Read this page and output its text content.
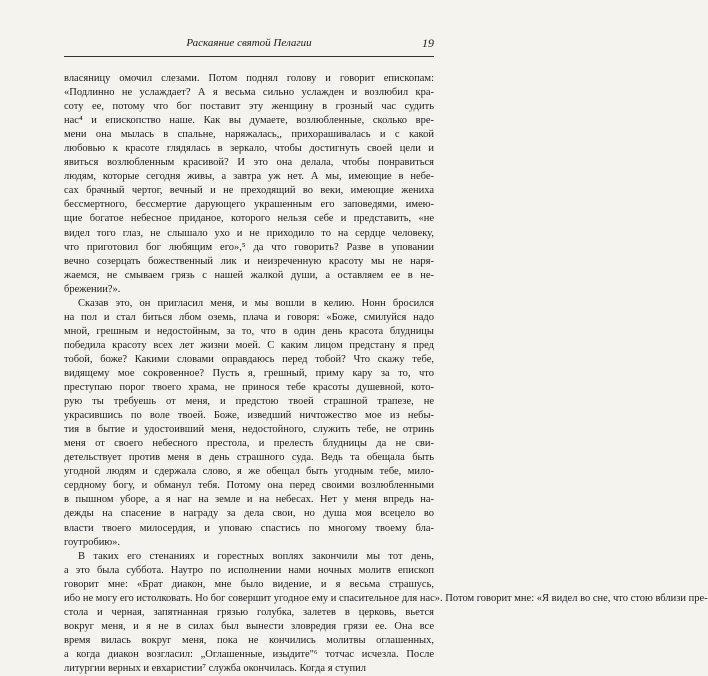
Раскаяние святой Пелагии	19
власяницу омочил слезами. Потом поднял голову и говорит епископам:
«Подлинно не услаждает? А я весьма сильно услажден и возлюбил кра-
соту ее, потому что бог поставит эту женщину в грозный час судить
нас⁴ и епископство наше. Как вы думаете, возлюбленные, сколько вре-
мени она мылась в спальне, наряжалась,, прихорашивалась и с какой
любовью к красоте глядялась в зеркало, чтобы достигнуть своей цели и
явиться возлюбленным красивой? И это она делала, чтобы понравиться
людям, которые сегодня живы, а завтра уж нет. А мы, имеющие в небе-
сах брачный чертог, вечный и не преходящий во веки, имеющие жениха
бессмертного, бессмертие дарующего украшенным его заповедями, имею-
щие богатое небесное приданое, которого нельзя себе и представить, «не
видел того глаз, не слышало ухо и не приходило то на сердце человеку,
что приготовил бог любящим его»,⁵ да что говорить? Разве в уповании
вечно созерцать божественный лик и неизреченную красоту мы не наря-
жаемся, не смываем грязь с нашей жалкой души, а оставляем ее в не-
брежении?».
Сказав это, он пригласил меня, и мы вошли в келию. Нонн бросился
на пол и стал биться лбом оземь, плача и говоря: «Боже, смилуйся надо
мной, грешным и недостойным, за то, что в один день красота блудницы
победила красоту всех лет жизни моей. С каким лицом предстану я пред
тобой, боже? Какими словами оправдаюсь перед тобой? Что скажу тебе,
видящему мое сокровенное? Пусть я, грешный, приму кару за то, что
преступаю порог твоего храма, не принося тебе красоты душевной, кото-
рую ты требуешь от меня, и предстою твоей страшной трапезе, не
украсившись по воле твоей. Боже, изведший ничтожество мое из небы-
тия в бытие и удостоивший меня, недостойного, служить тебе, не отринь
меня от своего небесного престола, и прелесть блудницы да не сви-
детельствует против меня в день страшного суда. Ведь та обещала быть
угодной людям и сдержала слово, я же обещал быть угодным тебе, мило-
сердному богу, и обманул тебя. Потому она перед своими возлюбленными
в пышном уборе, а я наг на земле и на небесах. Нет у меня впредь на-
дежды на спасение в награду за дела свои, но душа моя всецело во
власти твоего милосердия, и уповаю спастись по многому твоему бла-
гоутробию».
В таких его стенаниях и горестных воплях закончили мы тот день,
а это была суббота. Наутро по исполнении нами ночных молитв епископ
говорит мне: «Брат диакон, мне было видение, и я весьма страшусь,
ибо не могу его истолковать. Но бог совершит угодное ему и спасительное для нас». Потом говорит мне: «Я видел во сне, что стою вблизи пре-
стола и черная, запятнанная грязью голубка, залетев в церковь, вьется
вокруг меня, и я не в силах был вынести зловредия грязи ее. Она все
время вилась вокруг меня, пока не кончились молитвы оглашенных,
а когда диакон возгласил: „Оглашенные, изыдите"⁶ тотчас исчезла. После
литургии верных и евхаристии⁷ служба окончилась. Когда я ступил
